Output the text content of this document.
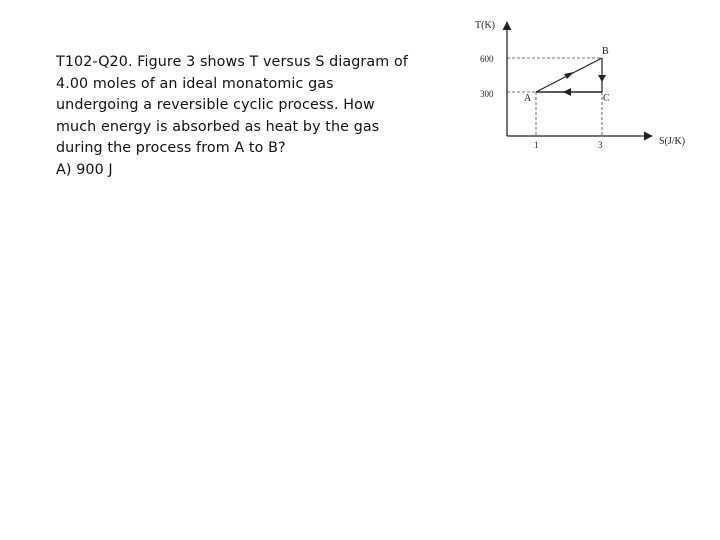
T102-Q20. Figure 3 shows T versus S diagram of
4.00 moles of an ideal monatomic gas
undergoing a reversible cyclic process. How
much energy is absorbed as heat by the gas
during the process from A to B?
A) 900 J
T(K)
S(J/K)
600
300
1	3
A
B
C
